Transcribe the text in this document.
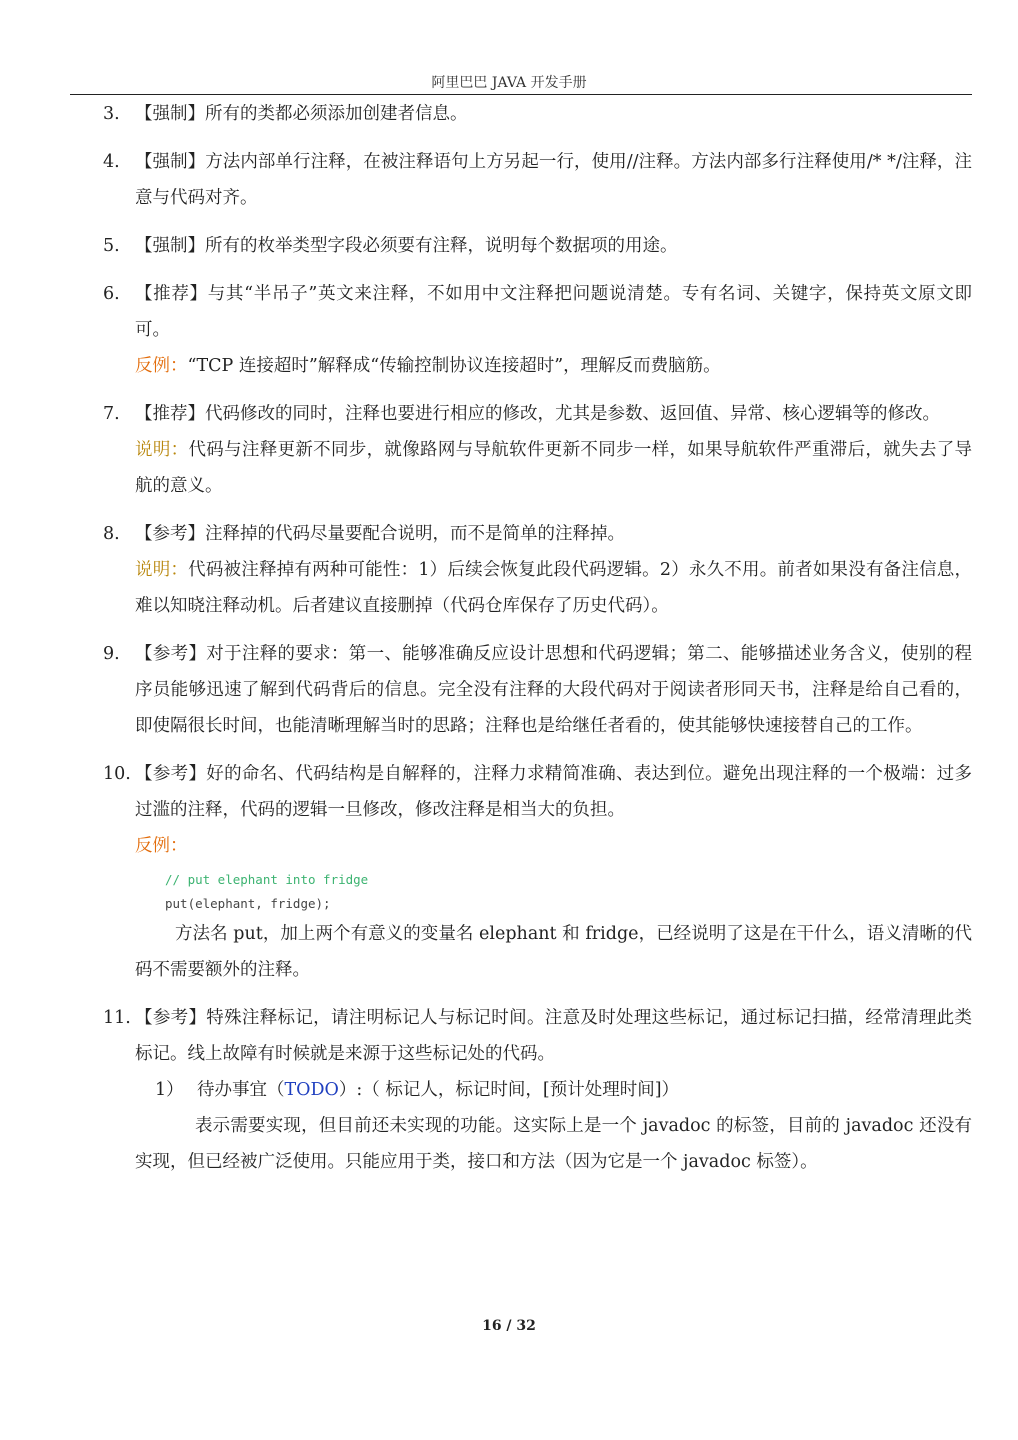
阿里巴巴 JAVA 开发手册
3. 【强制】所有的类都必须添加创建者信息。
4. 【强制】方法内部单行注释，在被注释语句上方另起一行，使用//注释。方法内部多行注释使用/* */注释，注意与代码对齐。
5. 【强制】所有的枚举类型字段必须要有注释，说明每个数据项的用途。
6. 【推荐】与其“半吊子”英文来注释，不如用中文注释把问题说清楚。专有名词、关键字，保持英文原文即可。
反例：“TCP 连接超时”解释成“传输控制协议连接超时”，理解反而费脑筋。
7. 【推荐】代码修改的同时，注释也要进行相应的修改，尤其是参数、返回值、异常、核心逻辑等的修改。
说明：代码与注释更新不同步，就像路网与导航软件更新不同步一样，如果导航软件严重滞后，就失去了导航的意义。
8. 【参考】注释掉的代码尽量要配合说明，而不是简单的注释掉。
说明：代码被注释掉有两种可能性：1）后续会恢复此段代码逻辑。2）永久不用。前者如果没有备注信息，难以知晓注释动机。后者建议直接删掉（代码仓库保存了历史代码）。
9. 【参考】对于注释的要求：第一、能够准确反应设计思想和代码逻辑；第二、能够描述业务含义，使别的程序员能够迅速了解到代码背后的信息。完全没有注释的大段代码对于阅读者形同天书，注释是给自己看的，即使隔很长时间，也能清晰理解当时的思路；注释也是给继任者看的，使其能够快速接替自己的工作。
10. 【参考】好的命名、代码结构是自解释的，注释力求精简准确、表达到位。避免出现注释的一个极端：过多过滥的注释，代码的逻辑一旦修改，修改注释是相当大的负担。
反例：
// put elephant into fridge
put(elephant, fridge);
方法名 put，加上两个有意义的变量名 elephant 和 fridge，已经说明了这是在干什么，语义清晰的代码不需要额外的注释。
11. 【参考】特殊注释标记，请注明标记人与标记时间。注意及时处理这些标记，通过标记扫描，经常清理此类标记。线上故障有时候就是来源于这些标记处的代码。
1） 待办事宜（TODO）:（ 标记人，标记时间，[预计处理时间]）
表示需要实现，但目前还未实现的功能。这实际上是一个 javadoc 的标签，目前的 javadoc 还没有实现，但已经被广泛使用。只能应用于类，接口和方法（因为它是一个 javadoc 标签）。
16 / 32
